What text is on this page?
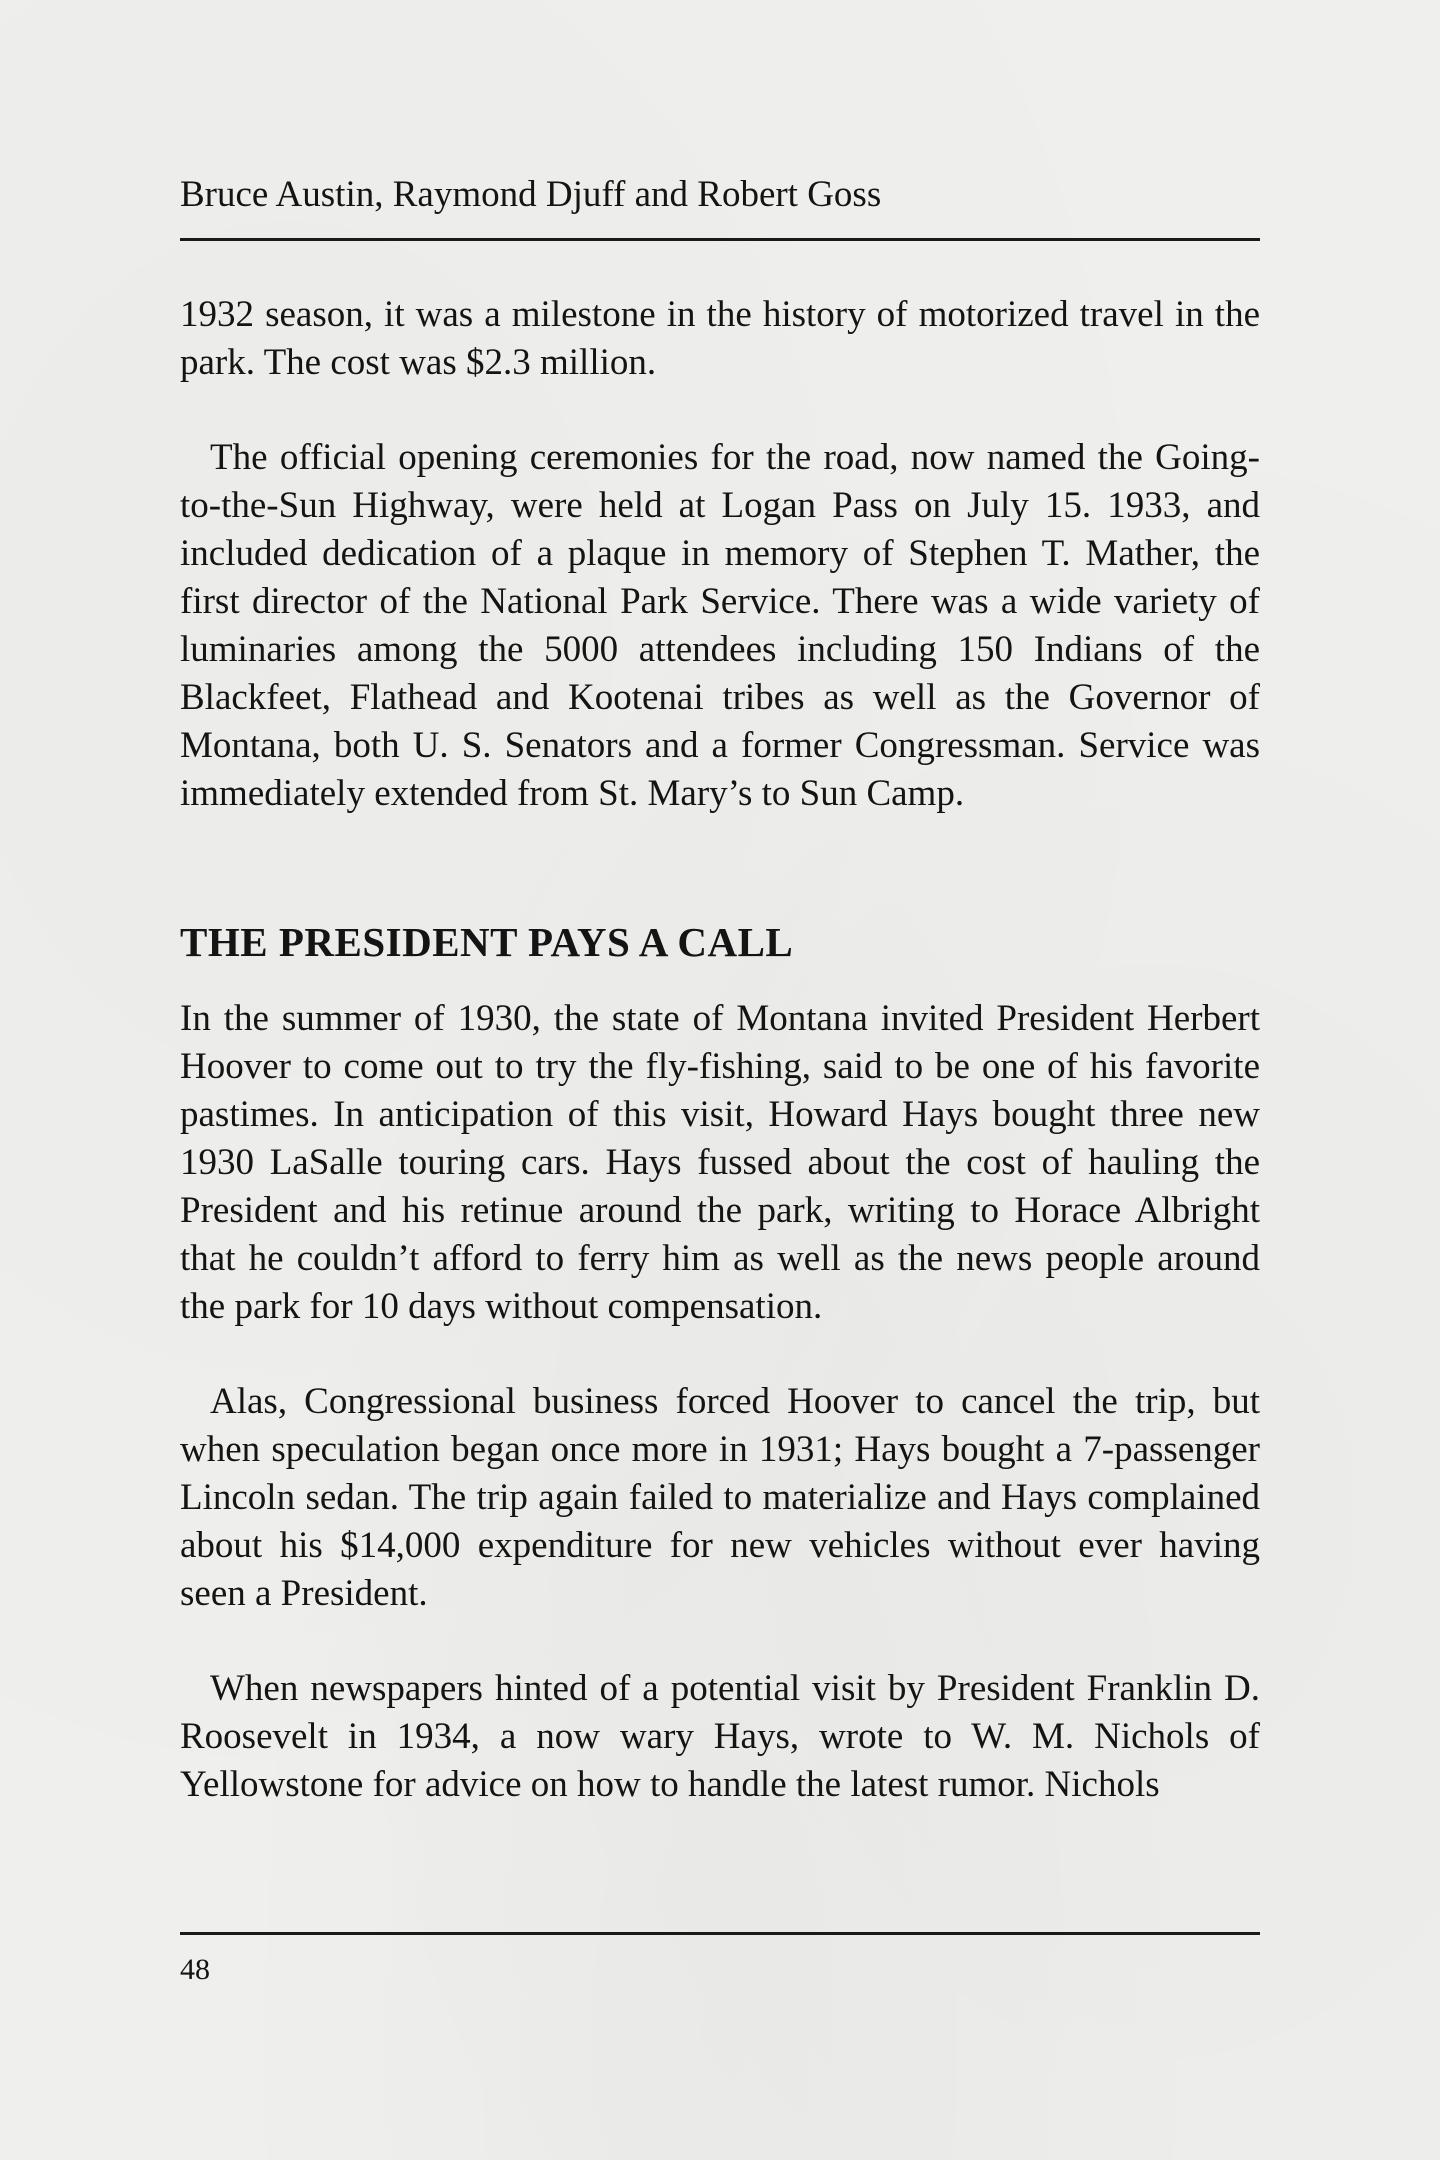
Bruce Austin, Raymond Djuff and Robert Goss

1932 season, it was a milestone in the history of motorized travel in the park. The cost was $2.3 million.

The official opening ceremonies for the road, now named the Going-to-the-Sun Highway, were held at Logan Pass on July 15. 1933, and included dedication of a plaque in memory of Stephen T. Mather, the first director of the National Park Service. There was a wide variety of luminaries among the 5000 attendees including 150 Indians of the Blackfeet, Flathead and Kootenai tribes as well as the Governor of Montana, both U. S. Senators and a former Congressman. Service was immediately extended from St. Mary’s to Sun Camp.

THE PRESIDENT PAYS A CALL

In the summer of 1930, the state of Montana invited President Herbert Hoover to come out to try the fly-fishing, said to be one of his favorite pastimes. In anticipation of this visit, Howard Hays bought three new 1930 LaSalle touring cars. Hays fussed about the cost of hauling the President and his retinue around the park, writing to Horace Albright that he couldn’t afford to ferry him as well as the news people around the park for 10 days without compensation.

Alas, Congressional business forced Hoover to cancel the trip, but when speculation began once more in 1931; Hays bought a 7-passenger Lincoln sedan. The trip again failed to materialize and Hays complained about his $14,000 expenditure for new vehicles without ever having seen a President.

When newspapers hinted of a potential visit by President Franklin D. Roosevelt in 1934, a now wary Hays, wrote to W. M. Nichols of Yellowstone for advice on how to handle the latest rumor. Nichols

48
